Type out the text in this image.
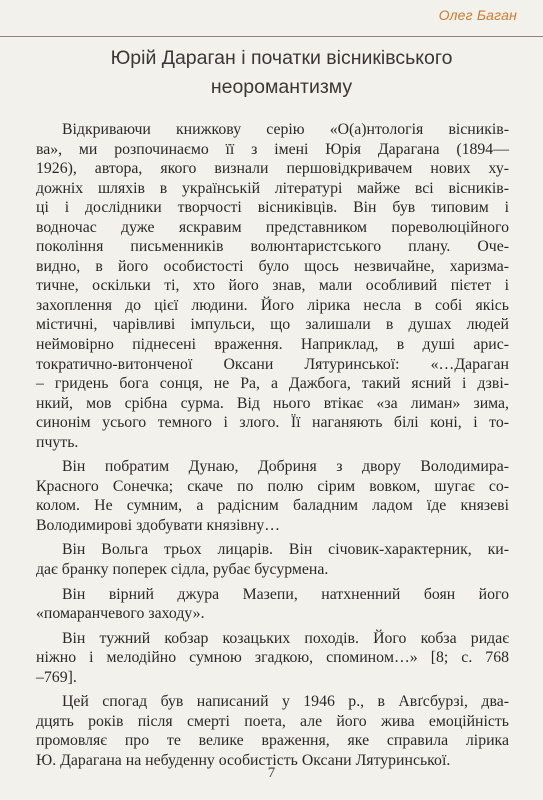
Олег Баган
Юрій Дараган і початки вісниківського
неоромантизму

Відкриваючи книжкову серію «О(а)нтологія вісникiв-
ва», ми розпочинаємо її з імені Юрія Дарагана (1894—
1926), автора, якого визнали першовідкривачем нових ху-
дожніх шляхів в українській літературі майже всі вісникiв-
ці і дослідники творчості вісниківців. Він був типовим і
водночас дуже яскравим представником пореволюційного
покоління письменників волюнтаристського плану. Оче-
видно, в його особистості було щось незвичайне, харизма-
тичне, оскільки ті, хто його знав, мали особливий пієтет і
захоплення до цієї людини. Його лірика несла в собі якісь
містичні, чарівливі імпульси, що залишали в душах людей
неймовірно піднесені враження. Наприклад, в душі арис-
тократично-витонченої Оксани Лятуринської: «…Дараган
– гридень бога сонця, не Ра, а Дажбога, такий ясний і дзві-
нкий, мов срібна сурма. Від нього втікає «за лиман» зима,
синонім усього темного і злого. Її наганяють білі коні, і то-
пчуть.

Він побратим Дунаю, Добриня з двору Володимира-
Красного Сонечка; скаче по полю сірим вовком, шугає со-
колом. Не сумним, а радісним баладним ладом їде князеві
Володимирові здобувати князівну…

Він Вольга трьох лицарів. Він січовик-характерник, ки-
дає бранку поперек сідла, рубає бусурмена.

Він вірний джура Мазепи, натхненний боян його
«помаранчевого заходу».

Він тужний кобзар козацьких походів. Його кобза ридає
ніжно і мелодійно сумною згадкою, споминoм…» [8; с. 768
–769].

Цей спогад був написаний у 1946 р., в Авґсбурзі, два-
дцять років після смерті поета, але його жива емоційність
промовляє про те велике враження, яке справила лірика
Ю. Дарагана на небуденну особистість Оксани Лятуринської.

7
